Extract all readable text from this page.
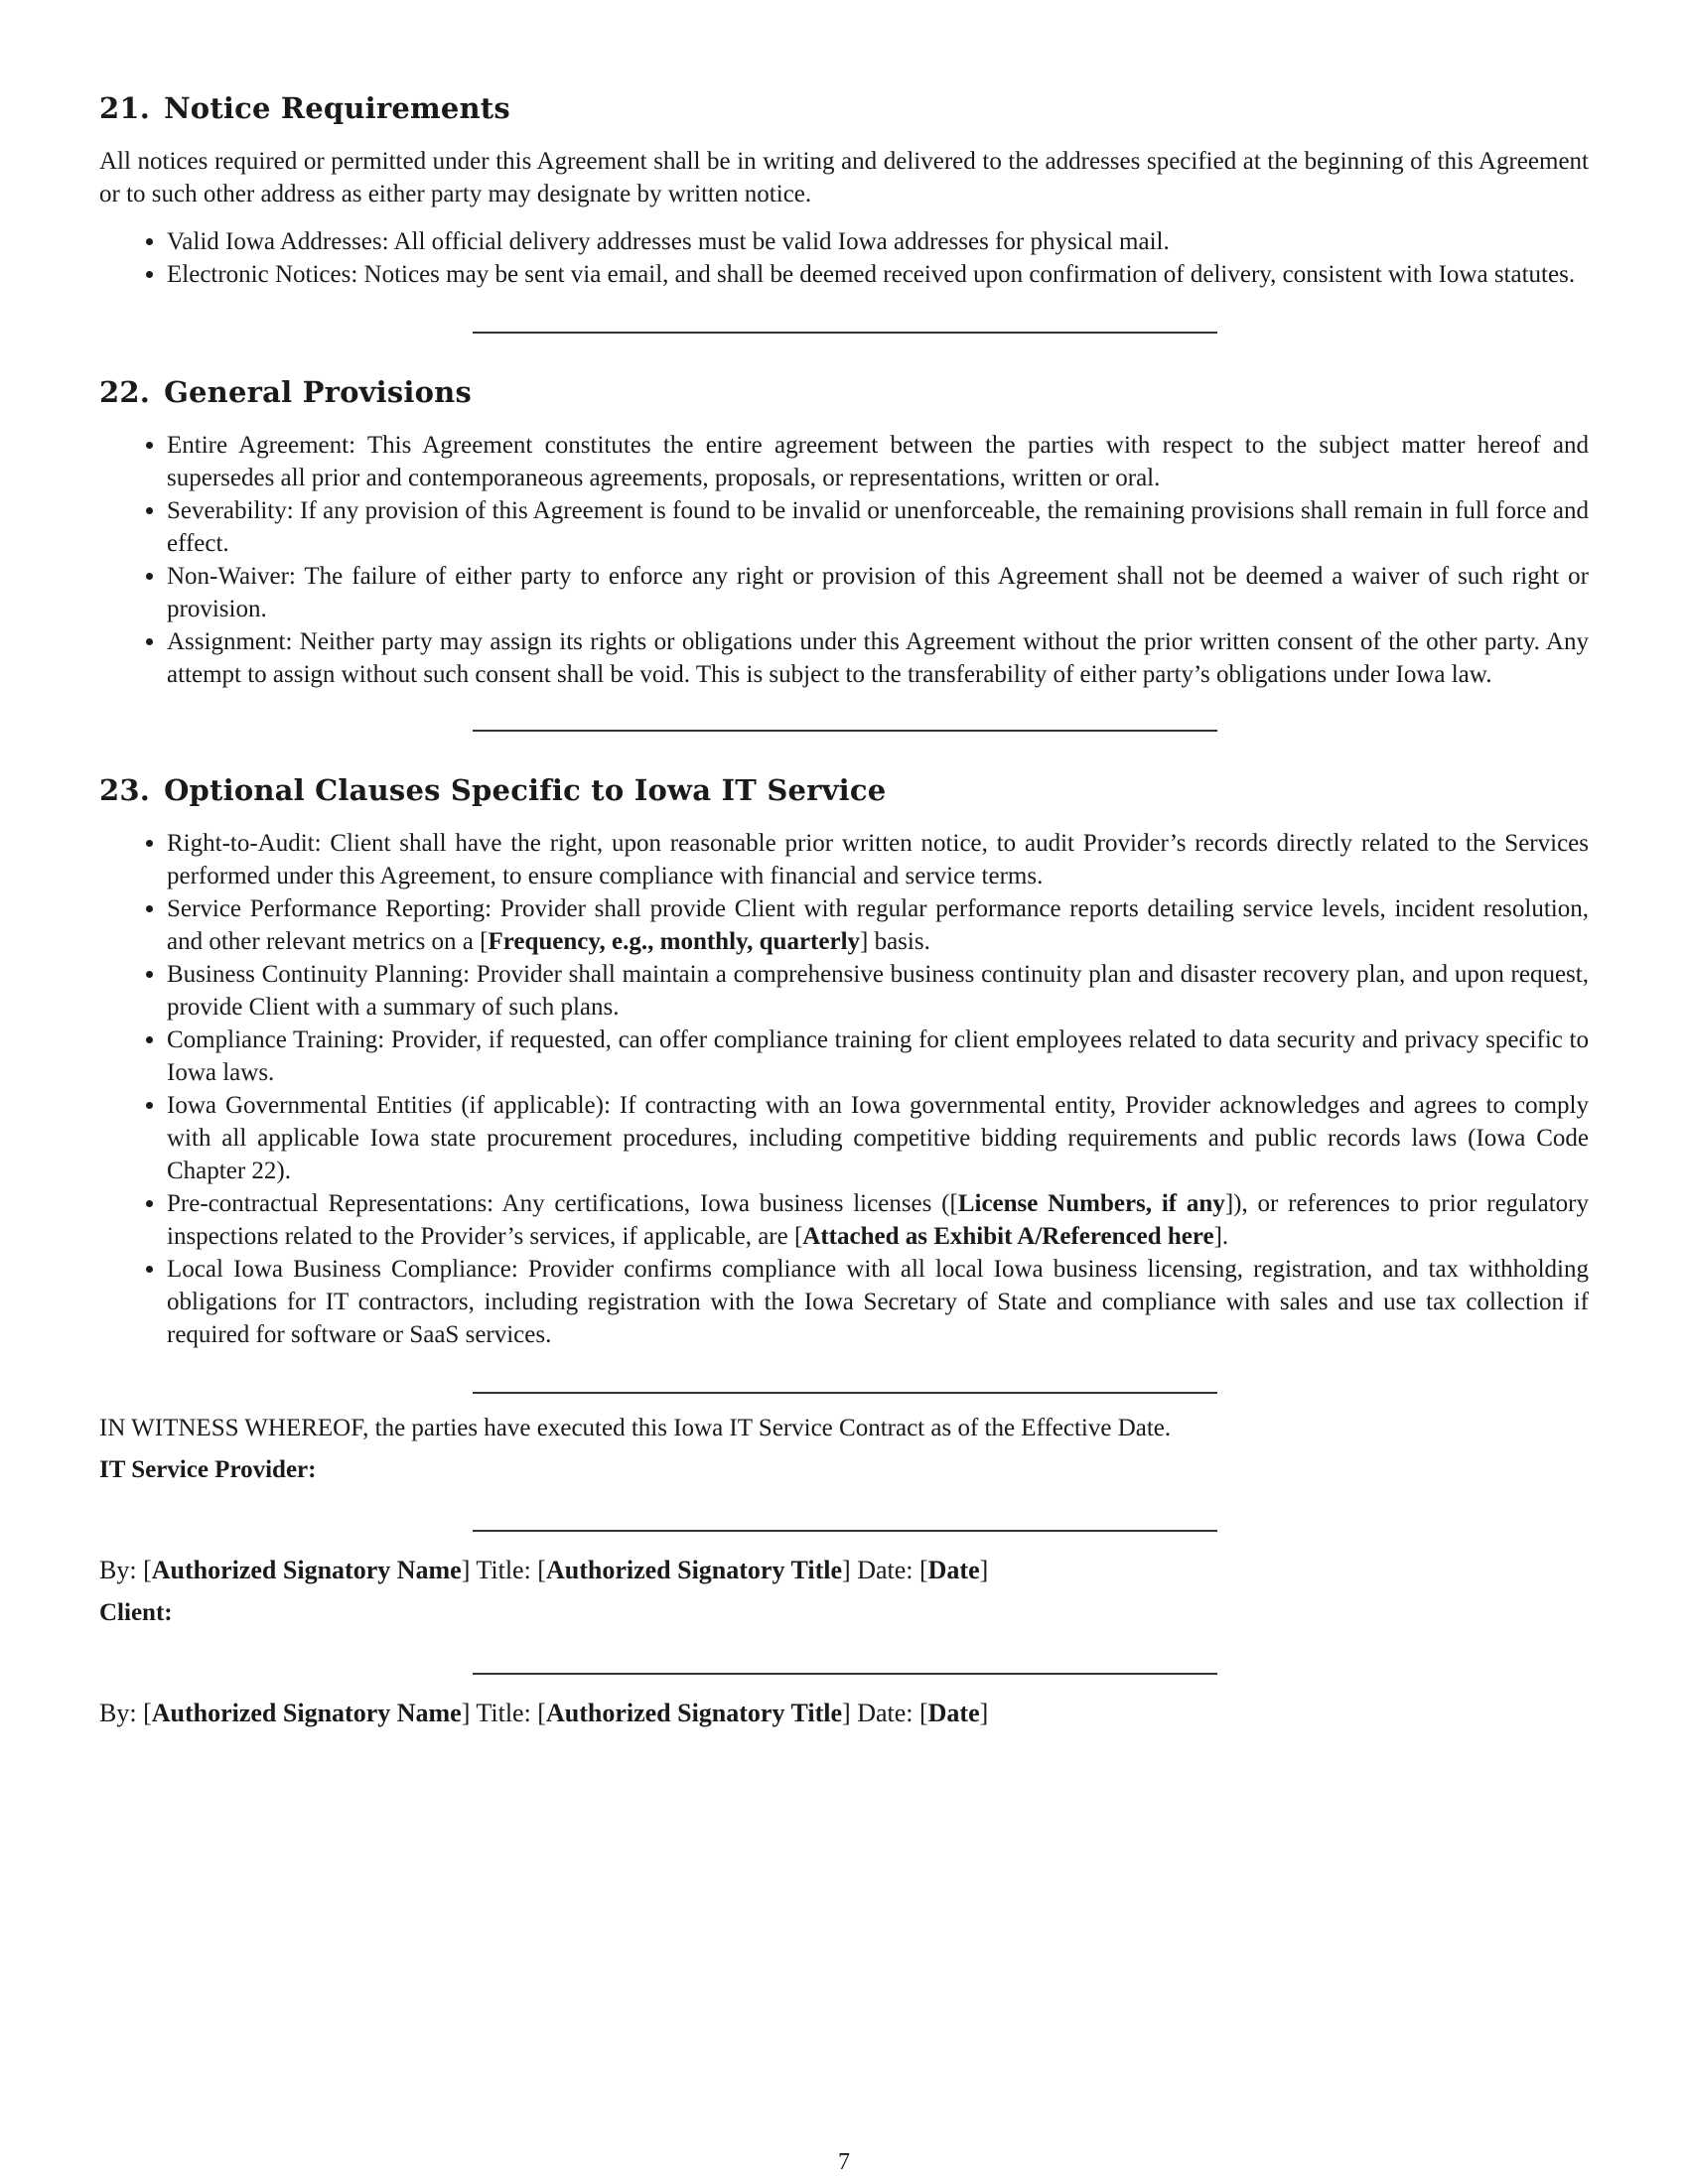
21. Notice Requirements

All notices required or permitted under this Agreement shall be in writing and delivered to the addresses specified at the beginning of this Agreement or to such other address as either party may designate by written notice.

• Valid Iowa Addresses: All official delivery addresses must be valid Iowa addresses for physical mail.
• Electronic Notices: Notices may be sent via email, and shall be deemed received upon confirmation of delivery, consistent with Iowa statutes.
22. General Provisions
• Entire Agreement: This Agreement constitutes the entire agreement between the parties with respect to the subject matter hereof and supersedes all prior and contemporaneous agreements, proposals, or representations, written or oral.
• Severability: If any provision of this Agreement is found to be invalid or unenforceable, the remaining provisions shall remain in full force and effect.
• Non-Waiver: The failure of either party to enforce any right or provision of this Agreement shall not be deemed a waiver of such right or provision.
• Assignment: Neither party may assign its rights or obligations under this Agreement without the prior written consent of the other party. Any attempt to assign without such consent shall be void. This is subject to the transferability of either party’s obligations under Iowa law.
23. Optional Clauses Specific to Iowa IT Service
• Right-to-Audit: Client shall have the right, upon reasonable prior written notice, to audit Provider’s records directly related to the Services performed under this Agreement, to ensure compliance with financial and service terms.
• Service Performance Reporting: Provider shall provide Client with regular performance reports detailing service levels, incident resolution, and other relevant metrics on a [Frequency, e.g., monthly, quarterly] basis.
• Business Continuity Planning: Provider shall maintain a comprehensive business continuity plan and disaster recovery plan, and upon request, provide Client with a summary of such plans.
• Compliance Training: Provider, if requested, can offer compliance training for client employees related to data security and privacy specific to Iowa laws.
• Iowa Governmental Entities (if applicable): If contracting with an Iowa governmental entity, Provider acknowledges and agrees to comply with all applicable Iowa state procurement procedures, including competitive bidding requirements and public records laws (Iowa Code Chapter 22).
• Pre-contractual Representations: Any certifications, Iowa business licenses ([License Numbers, if any]), or references to prior regulatory inspections related to the Provider’s services, if applicable, are [Attached as Exhibit A/Referenced here].
• Local Iowa Business Compliance: Provider confirms compliance with all local Iowa business licensing, registration, and tax withholding obligations for IT contractors, including registration with the Iowa Secretary of State and compliance with sales and use tax collection if required for software or SaaS services.

IN WITNESS WHEREOF, the parties have executed this Iowa IT Service Contract as of the Effective Date.

IT Service Provider:
By: [Authorized Signatory Name] Title: [Authorized Signatory Title] Date: [Date]
Client:
By: [Authorized Signatory Name] Title: [Authorized Signatory Title] Date: [Date]
7
